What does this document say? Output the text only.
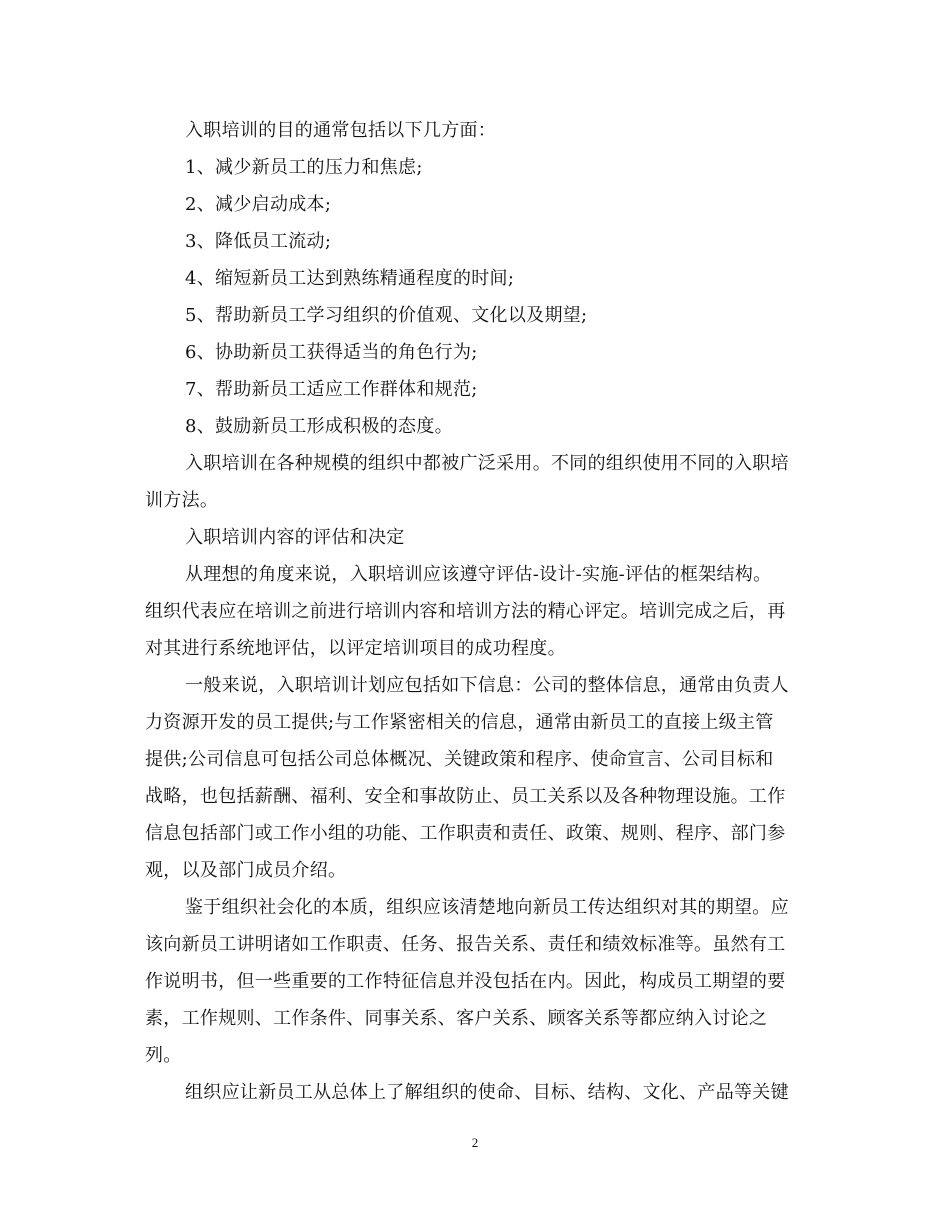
入职培训的目的通常包括以下几方面：
1、减少新员工的压力和焦虑;
2、减少启动成本;
3、降低员工流动;
4、缩短新员工达到熟练精通程度的时间;
5、帮助新员工学习组织的价值观、文化以及期望;
6、协助新员工获得适当的角色行为;
7、帮助新员工适应工作群体和规范;
8、鼓励新员工形成积极的态度。
入职培训在各种规模的组织中都被广泛采用。不同的组织使用不同的入职培
训方法。
入职培训内容的评估和决定
从理想的角度来说，入职培训应该遵守评估-设计-实施-评估的框架结构。
组织代表应在培训之前进行培训内容和培训方法的精心评定。培训完成之后，再
对其进行系统地评估，以评定培训项目的成功程度。
一般来说，入职培训计划应包括如下信息：公司的整体信息，通常由负责人
力资源开发的员工提供;与工作紧密相关的信息，通常由新员工的直接上级主管
提供;公司信息可包括公司总体概况、关键政策和程序、使命宣言、公司目标和
战略，也包括薪酬、福利、安全和事故防止、员工关系以及各种物理设施。工作
信息包括部门或工作小组的功能、工作职责和责任、政策、规则、程序、部门参
观，以及部门成员介绍。
鉴于组织社会化的本质，组织应该清楚地向新员工传达组织对其的期望。应
该向新员工讲明诸如工作职责、任务、报告关系、责任和绩效标准等。虽然有工
作说明书，但一些重要的工作特征信息并没包括在内。因此，构成员工期望的要
素，工作规则、工作条件、同事关系、客户关系、顾客关系等都应纳入讨论之
列。
组织应让新员工从总体上了解组织的使命、目标、结构、文化、产品等关键
2
